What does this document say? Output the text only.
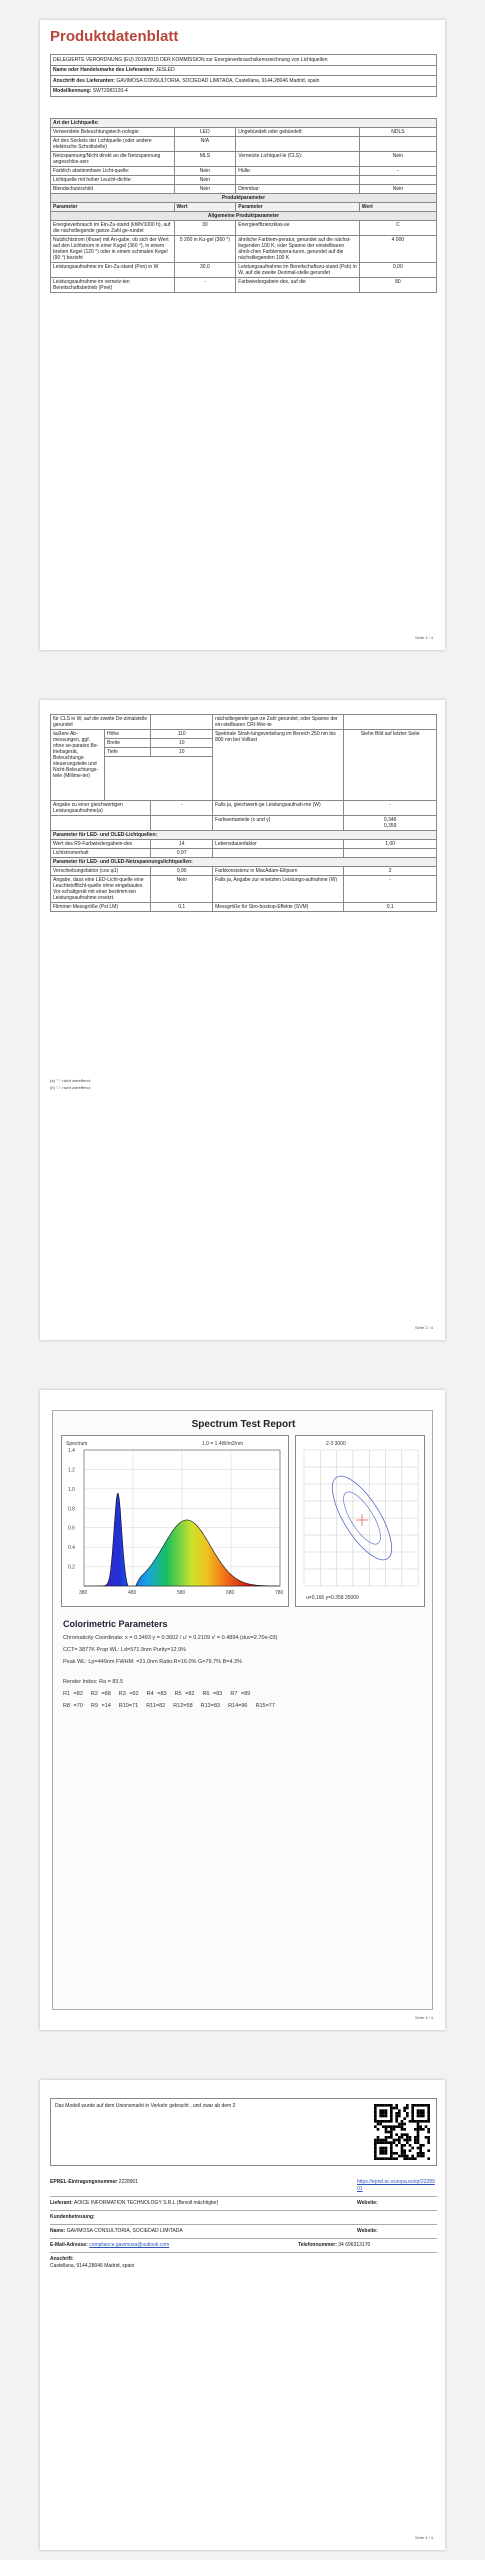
Produktdatenblatt
DELEGIERTE VERORDNUNG (EU) 2019/2015 DER KOMMISSION zur Energieverbrauchskennzeichnung von Lichtquellen
Name oder Handelsmarke des Lieferanten: JESLED
Anschrift des Lieferanten: GAVIMOSA CONSULTORIA, SOCIEDAD LIMITADA, Castellana, 9144,28046 Madrid, spain
Modellkennung: SWT2083120-4
Art der Lichtquelle:			
Verwendete Beleuchtungstech-nologie:	LED	Ungebündelt oder gebündelt:	NDLS
Art des Sockels der Lichtquelle (oder andere elektrische Schnittstelle)	N/A		
Netzspannung/Nicht direkt an die Netzspannung angeschlos-sen:	MLS	Vernetzte Lichtquel-le (CLS):	Nein
Farblich abstimmbare Licht-quelle:	Nein	Hülle:	-
Lichtquelle mit hoher Leucht-dichte:	Nein		
Blendschutzschild	Nein	Dimmbar:	Nein
Produktparameter			
Parameter	Wert	Parameter	Wert
Allgemeine Produktparameter			
Energieverbrauch im Ein-Zu-stand (kWh/1000 h), auf die nächstliegende ganze Zahl ge-rundet	30	Energieeffizienzklas-se	C
Nutzlichtstrom (Φuse) mit An-gabe, ob sich der Wert auf den Lichtstrom in einer Kugel (360 °), in einem breiten Kegel (120 °) oder in einem schmalen Kegel (90 °) bezieht	5 200 in Ku-gel (360 °)	ähnliche Farbtem-peratur, gerundet auf die nächst-liegenden 100 K, oder Spanne der einstellbaren ähnli-chen Farbtempera-turen, gerundet auf die nächstliegenden 100 K	4 000
Leistungsaufnahme im Ein-Zu-stand (Pon) in W	30,0	Leistungsaufnahme im Bereitschaftszu-stand (Psb) in W, auf die zweite Dezimal-stelle gerundet	0,00
Leistungsaufnahme im vernetz-ten Bereitschaftsbetrieb (Pnet)	-	Farbwiedergabein-dex, auf die	80
Seite 1 / 4
für CLS in W, auf die zweite De-zimalstelle gerundet			nächstliegende gan-ze Zahl gerundet, oder Spanne der ein-stellbaren CRI-Wer-te	
äußere Ab-messungen, ggf. ohne se-parates Be-triebsgerät, Beleuchtungs-steuerungsteile und Nicht-Beleuchtungs-teile (Millime-ter)	Höhe	110	Spektrale Strah-lungsverteilung im Bereich 250 nm bis 800 nm bei Volllast	Siehe Bild auf letzter Seite
	Breite	10		
	Tiefe	10		

Angabe zu einer gleichwertigen Leistungsaufnahme(a)		-	Falls ja, gleichwerti-ge Leistungsaufnah-me (W)	-
			Farbwertanteile (x und y)	0,346
0,359
Parameter für LED- und OLED-Lichtquellen:				
Wert des R9-Farbwiedergabein-dex		14	Lebensdauerfaktor	1,00
Lichtstromerhalt		0,97		
Parameter für LED- und OLED-Netzspannungslichtquellen:				
Verschiebungsfaktor (cos φ1)		0,90	Farbkonsistenz in MacAdam-Ellipsen	2
Angabe, dass eine LED-Licht-quelle eine Leuchtstofflicht-quelle ohne eingebautes Vor-schaltgerät mit einer bestimm-ten Leistungsaufnahme ersetzt.		Nein	Falls ja, Angabe zur ersetzten Leistungs-aufnahme (W)	-
Flimmer-Messgröße (Pst LM)		0,1	Messgröße für Stro-boskop-Effekte (SVM)	0,1
(a) "-": nicht zutreffend;
(b) "-": nicht zutreffend;
Seite 2 / 4
Spectrum Test Report
1.4
1.2
1.0
0.8
0.6
0.4
0.2
380	480	580	680	780
Spectrum	1.0 = 1.4W/m2/nm	2-3 3000
u=0.166 y=0.358 35000
Colorimetric Parameters
Chromaticity Coordinate: x = 0.3493 y = 0.3602 / u' = 0.2109 v' = 0.4894 (duv=2.70e-03)
CCT= 3877K Prop WL: Ld=571.9nm Purity=12.9%
Peak WL: Lp=449nm FWHM: =21.0nm Ratio:R=16.0% G=79.7% B=4.3%
Render Index: Ra = 83.5
R1 =82 R2 =88 R3 =92 R4 =83 R5 =82 R6 =83 R7 =89
R8 =70 R9 =14 R10=71 R11=82 R12=58 R13=83 R14=96 R15=77
Seite 3 / 4
Das Modell wurde auf dem Unionsmarkt in Verkehr gebracht , und zwar ab dem 2
EPREL-Eintragungsnummer 2228901	https://eprel.ec.europa.eu/qr/2228901
Lieferant: AOICE INFORMATION TECHNOLOGY S.R.L (Bevoll mächtigter)	Website:
Kundenbetreuung:
Name: GAVIMOSA CONSULTORIA, SOCIEDAD LIMITADA	Website:
E-Mail-Adresse: compliance.gavimosa@outlook.com	Telefonnummer: 34 696313170
Anschrift:
Castellana, 9144,28046 Madrid, spain
Seite 4 / 4
